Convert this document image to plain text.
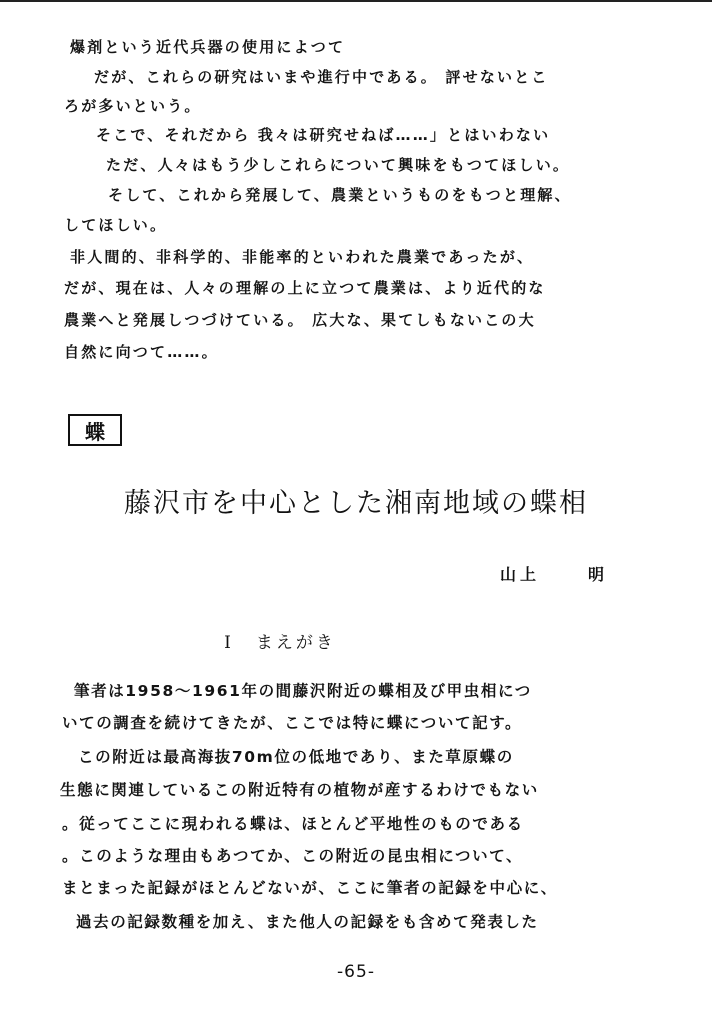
爆剤という近代兵器の使用によつて
だが、これらの研究はいまや進行中である。 評せないとこ
ろが多いという。
そこで、それだから 我々は研究せねば……」とはいわない
ただ、人々はもう少しこれらについて興味をもつてほしい。
そして、これから発展して、農業というものをもつと理解、
してほしい。
非人間的、非科学的、非能率的といわれた農業であったが、
だが、現在は、人々の理解の上に立つて農業は、より近代的な
農業へと発展しつづけている。 広大な、果てしもないこの大
自然に向つて……。
蝶
藤沢市を中心とした湘南地域の蝶相
山上	明
I まえがき
筆者は1958～1961年の間藤沢附近の蝶相及び甲虫相につ
いての調査を続けてきたが、ここでは特に蝶について記す。
この附近は最高海抜70m位の低地であり、また草原蝶の
生態に関連しているこの附近特有の植物が産するわけでもない
。従ってここに現われる蝶は、ほとんど平地性のものである
。このような理由もあつてか、この附近の昆虫相について、
まとまった記録がほとんどないが、ここに筆者の記録を中心に、
過去の記録数種を加え、また他人の記録をも含めて発表した
-65-
